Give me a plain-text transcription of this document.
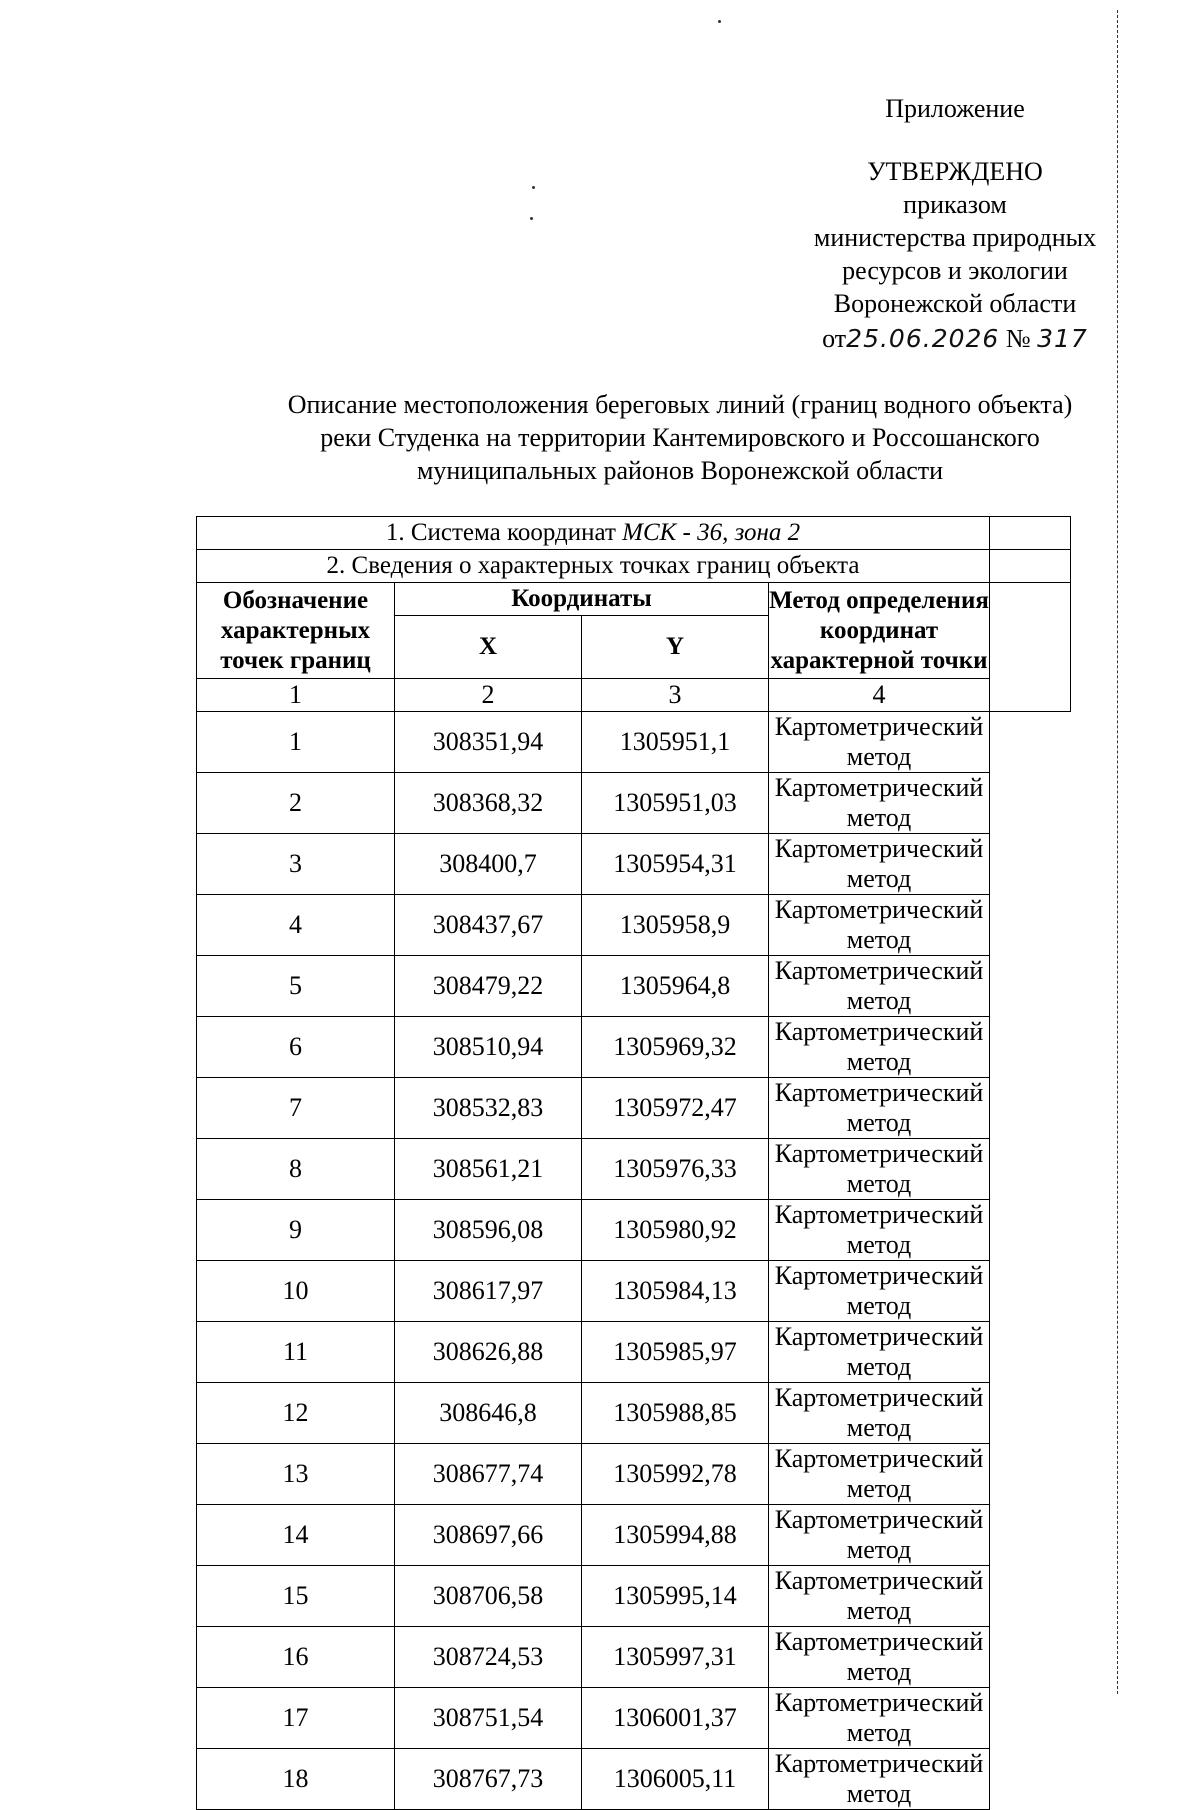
Приложение
УТВЕРЖДЕНО
приказом
министерства природных
ресурсов и экологии
Воронежской области
от25.06.2026 № 317
Описание местоположения береговых линий (границ водного объекта)
реки Студенка на территории Кантемировского и Россошанского
муниципальных районов Воронежской области
1. Система координат МСК - 36, зона 2				
2. Сведения о характерных точках границ объекта				
Обозначение характерных точек границ	Координаты		Метод определения координат характерной точки	
	X	Y		
1	2	3	4	
1	308351,94	1305951,1	Картометрический метод	
2	308368,32	1305951,03	Картометрический метод	
3	308400,7	1305954,31	Картометрический метод	
4	308437,67	1305958,9	Картометрический метод	
5	308479,22	1305964,8	Картометрический метод	
6	308510,94	1305969,32	Картометрический метод	
7	308532,83	1305972,47	Картометрический метод	
8	308561,21	1305976,33	Картометрический метод	
9	308596,08	1305980,92	Картометрический метод	
10	308617,97	1305984,13	Картометрический метод	
11	308626,88	1305985,97	Картометрический метод	
12	308646,8	1305988,85	Картометрический метод	
13	308677,74	1305992,78	Картометрический метод	
14	308697,66	1305994,88	Картометрический метод	
15	308706,58	1305995,14	Картометрический метод	
16	308724,53	1305997,31	Картометрический метод	
17	308751,54	1306001,37	Картометрический метод	
18	308767,73	1306005,11	Картометрический метод	
